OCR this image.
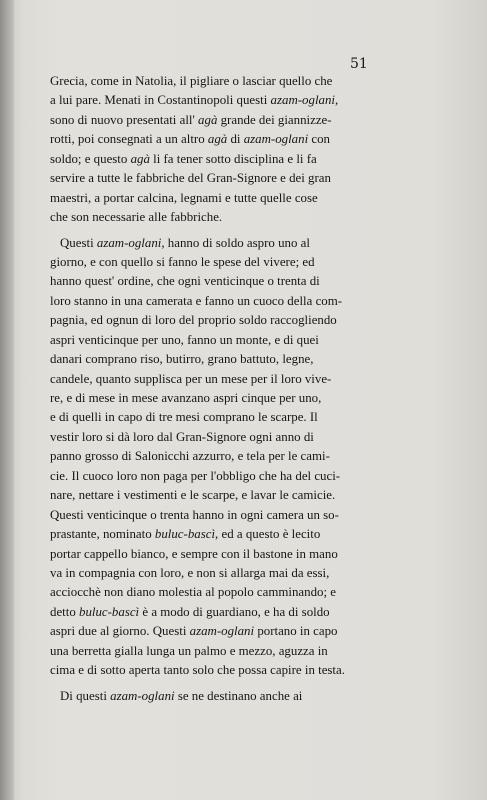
51
Grecia, come in Natolia, il pigliare o lasciar quello che
a lui pare. Menati in Costantinopoli questi azam-oglani,
sono di nuovo presentati all' agà grande dei giannizze-
rotti, poi consegnati a un altro agà di azam-oglani con
soldo; e questo agà li fa tener sotto disciplina e li fa
servire a tutte le fabbriche del Gran-Signore e dei gran
maestri, a portar calcina, legnami e tutte quelle cose
che son necessarie alle fabbriche.
Questi azam-oglani, hanno di soldo aspro uno al
giorno, e con quello si fanno le spese del vivere; ed
hanno quest' ordine, che ogni venticinque o trenta di
loro stanno in una camerata e fanno un cuoco della com-
pagnia, ed ognun di loro del proprio soldo raccogliendo
aspri venticinque per uno, fanno un monte, e di quei
danari comprano riso, butirro, grano battuto, legne,
candele, quanto supplisca per un mese per il loro vive-
re, e di mese in mese avanzano aspri cinque per uno,
e di quelli in capo di tre mesi comprano le scarpe. Il
vestir loro si dà loro dal Gran-Signore ogni anno di
panno grosso di Salonicchi azzurro, e tela per le cami-
cie. Il cuoco loro non paga per l'obbligo che ha del cuci-
nare, nettare i vestimenti e le scarpe, e lavar le camicie.
Questi venticinque o trenta hanno in ogni camera un so-
prastante, nominato buluc-bascì, ed a questo è lecito
portar cappello bianco, e sempre con il bastone in mano
va in compagnia con loro, e non si allarga mai da essi,
acciocchè non diano molestia al popolo camminando; e
detto buluc-bascì è a modo di guardiano, e ha di soldo
aspri due al giorno. Questi azam-oglani portano in capo
una berretta gialla lunga un palmo e mezzo, aguzza in
cima e di sotto aperta tanto solo che possa capire in testa.
Di questi azam-oglani se ne destinano anche ai
